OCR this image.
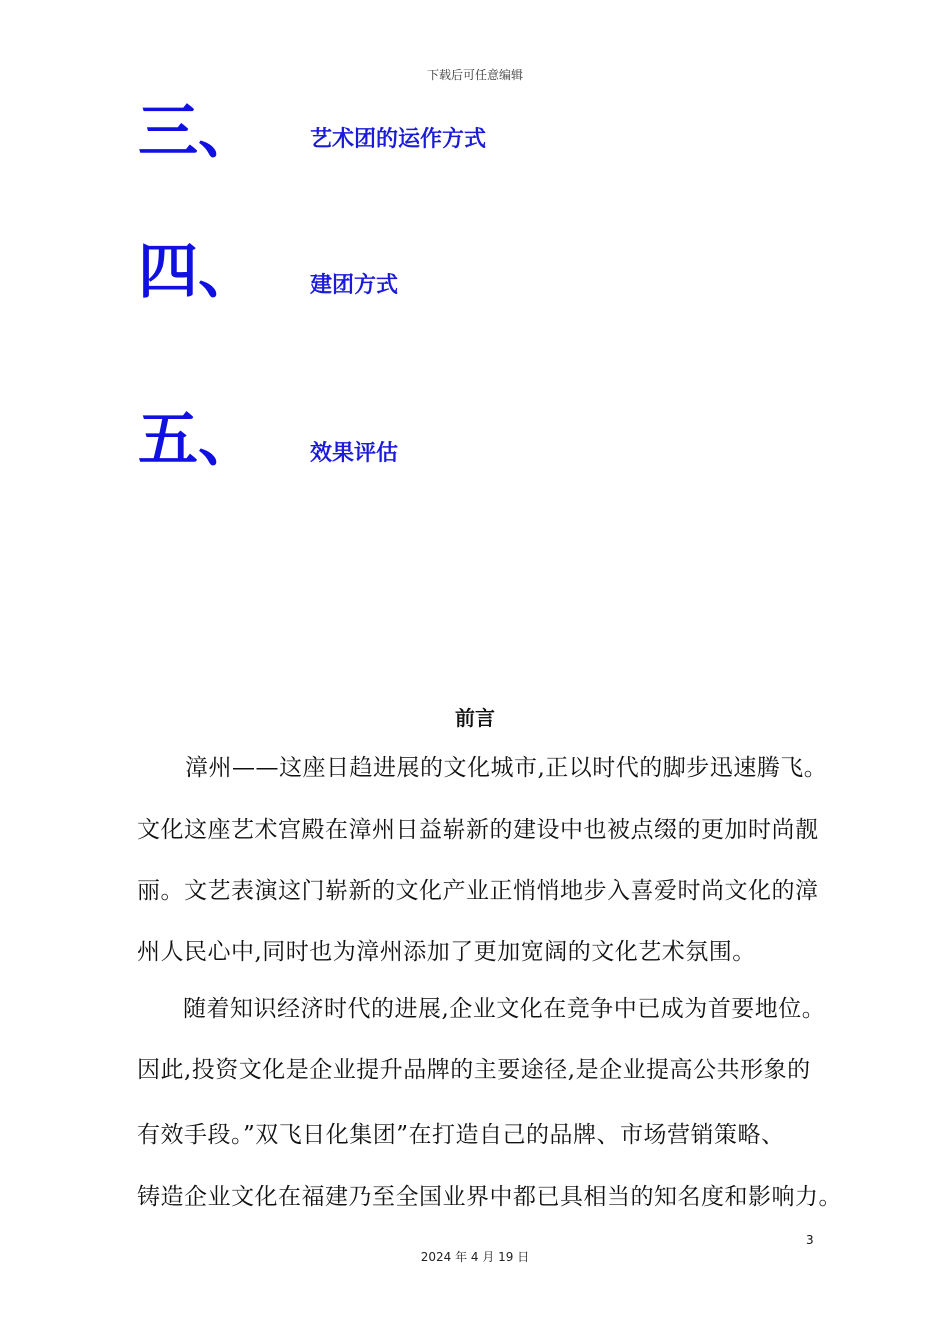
下载后可任意编辑
三、 艺术团的运作方式
四、 建团方式
五、 效果评估
前言
漳州——这座日趋进展的文化城市,正以时代的脚步迅速腾飞。
文化这座艺术宫殿在漳州日益崭新的建设中也被点缀的更加时尚靓
丽。文艺表演这门崭新的文化产业正悄悄地步入喜爱时尚文化的漳
州人民心中,同时也为漳州添加了更加宽阔的文化艺术氛围。
随着知识经济时代的进展,企业文化在竞争中已成为首要地位。
因此,投资文化是企业提升品牌的主要途径,是企业提高公共形象的
有效手段。”双飞日化集团”在打造自己的品牌、市场营销策略、
铸造企业文化在福建乃至全国业界中都已具相当的知名度和影响力。
3
2024 年 4 月 19 日
